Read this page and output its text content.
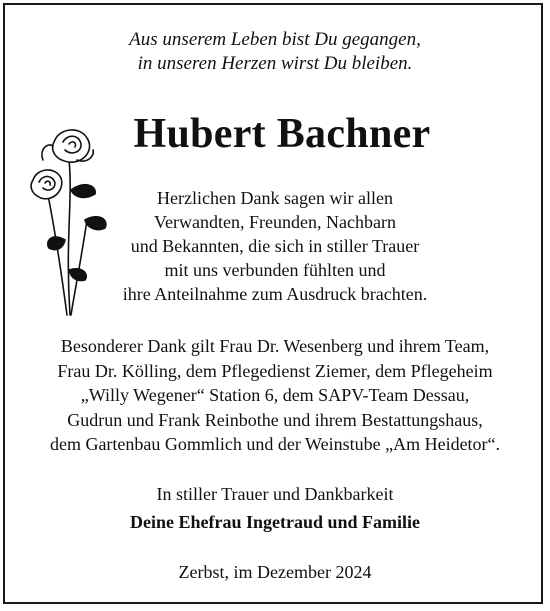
Aus unserem Leben bist Du gegangen,
in unseren Herzen wirst Du bleiben.
Hubert Bachner
Herzlichen Dank sagen wir allen
Verwandten, Freunden, Nachbarn
und Bekannten, die sich in stiller Trauer
mit uns verbunden fühlten und
ihre Anteilnahme zum Ausdruck brachten.
Besonderer Dank gilt Frau Dr. Wesenberg und ihrem Team,
Frau Dr. Kölling, dem Pflegedienst Ziemer, dem Pflegeheim
„Willy Wegener“ Station 6, dem SAPV-Team Dessau,
Gudrun und Frank Reinbothe und ihrem Bestattungshaus,
dem Gartenbau Gommlich und der Weinstube „Am Heidetor“.
In stiller Trauer und Dankbarkeit
Deine Ehefrau Ingetraud und Familie
Zerbst, im Dezember 2024
